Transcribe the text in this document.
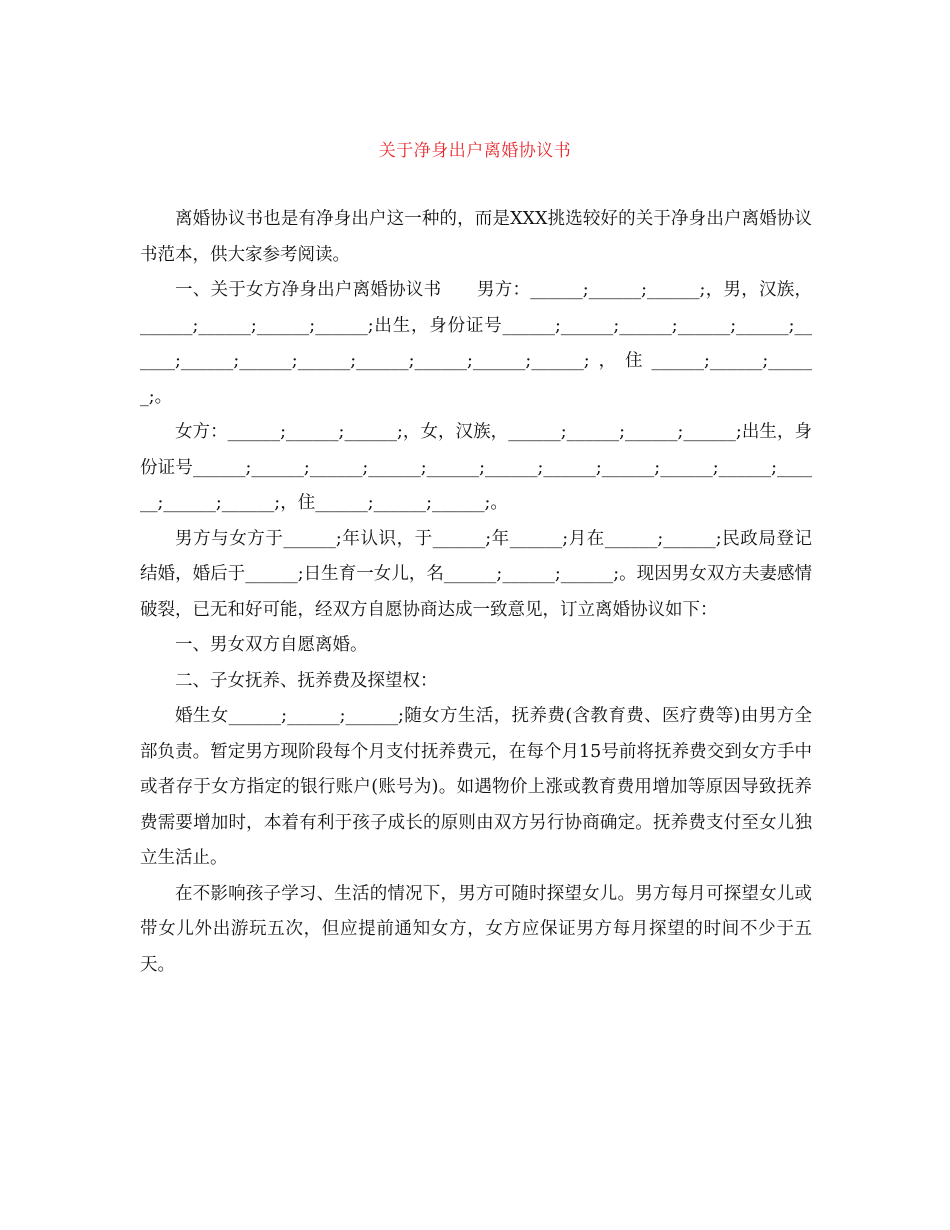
关于净身出户离婚协议书

离婚协议书也是有净身出户这一种的，而是XXX挑选较好的关于净身出户离婚协议书范本，供大家参考阅读。

一、关于女方净身出户离婚协议书　　男方：______;______;______;，男，汉族，______;______;______;______;出生，身份证号______;______;______;______;______;______;______;______;______;______;______;______;______;，住______;______;______;。

女方：______;______;______;，女，汉族，______;______;______;______;出生，身份证号______;______;______;______;______;______;______;______;______;______;______;______;______;，住______;______;______;。

男方与女方于______;年认识，于______;年______;月在______;______;民政局登记结婚，婚后于______;日生育一女儿，名______;______;______;。现因男女双方夫妻感情破裂，已无和好可能，经双方自愿协商达成一致意见，订立离婚协议如下：

一、男女双方自愿离婚。

二、子女抚养、抚养费及探望权：

婚生女______;______;______;随女方生活，抚养费(含教育费、医疗费等)由男方全部负责。暂定男方现阶段每个月支付抚养费元，在每个月15号前将抚养费交到女方手中或者存于女方指定的银行账户(账号为)。如遇物价上涨或教育费用增加等原因导致抚养费需要增加时，本着有利于孩子成长的原则由双方另行协商确定。抚养费支付至女儿独立生活止。

在不影响孩子学习、生活的情况下，男方可随时探望女儿。男方每月可探望女儿或带女儿外出游玩五次，但应提前通知女方，女方应保证男方每月探望的时间不少于五天。
